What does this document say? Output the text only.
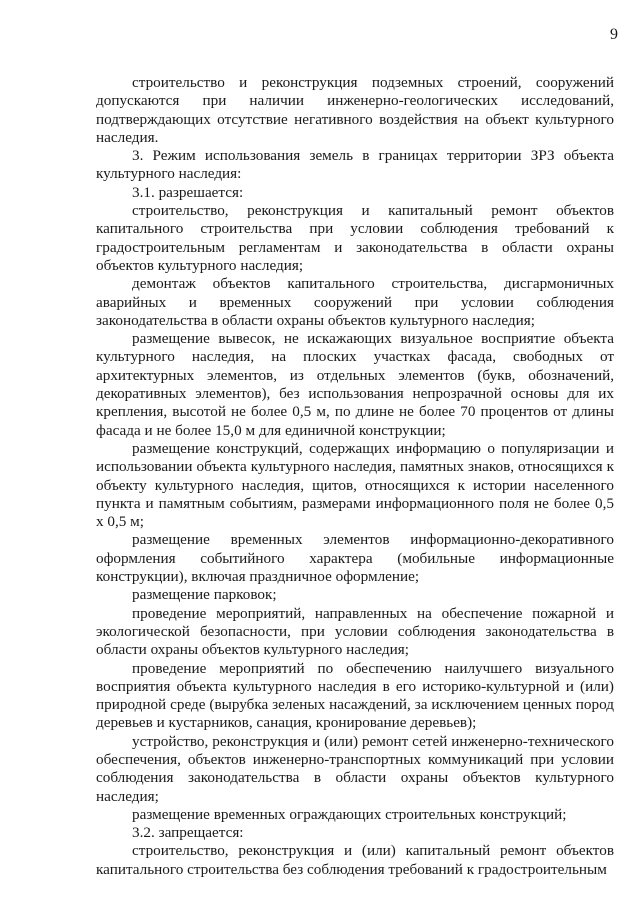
9

строительство и реконструкция подземных строений, сооружений допускаются при наличии инженерно-геологических исследований, подтверждающих отсутствие негативного воздействия на объект культурного наследия.

3. Режим использования земель в границах территории ЗРЗ объекта культурного наследия:

3.1. разрешается:

строительство, реконструкция и капитальный ремонт объектов капитального строительства при условии соблюдения требований к градостроительным регламентам и законодательства в области охраны объектов культурного наследия;

демонтаж объектов капитального строительства, дисгармоничных аварийных и временных сооружений при условии соблюдения законодательства в области охраны объектов культурного наследия;

размещение вывесок, не искажающих визуальное восприятие объекта культурного наследия, на плоских участках фасада, свободных от архитектурных элементов, из отдельных элементов (букв, обозначений, декоративных элементов), без использования непрозрачной основы для их крепления, высотой не более 0,5 м, по длине не более 70 процентов от длины фасада и не более 15,0 м для единичной конструкции;

размещение конструкций, содержащих информацию о популяризации и использовании объекта культурного наследия, памятных знаков, относящихся к объекту культурного наследия, щитов, относящихся к истории населенного пункта и памятным событиям, размерами информационного поля не более 0,5 х 0,5 м;

размещение временных элементов информационно-декоративного оформления событийного характера (мобильные информационные конструкции), включая праздничное оформление;

размещение парковок;

проведение мероприятий, направленных на обеспечение пожарной и экологической безопасности, при условии соблюдения законодательства в области охраны объектов культурного наследия;

проведение мероприятий по обеспечению наилучшего визуального восприятия объекта культурного наследия в его историко-культурной и (или) природной среде (вырубка зеленых насаждений, за исключением ценных пород деревьев и кустарников, санация, кронирование деревьев);

устройство, реконструкция и (или) ремонт сетей инженерно-технического обеспечения, объектов инженерно-транспортных коммуникаций при условии соблюдения законодательства в области охраны объектов культурного наследия;

размещение временных ограждающих строительных конструкций;

3.2. запрещается:

строительство, реконструкция и (или) капитальный ремонт объектов капитального строительства без соблюдения требований к градостроительным
